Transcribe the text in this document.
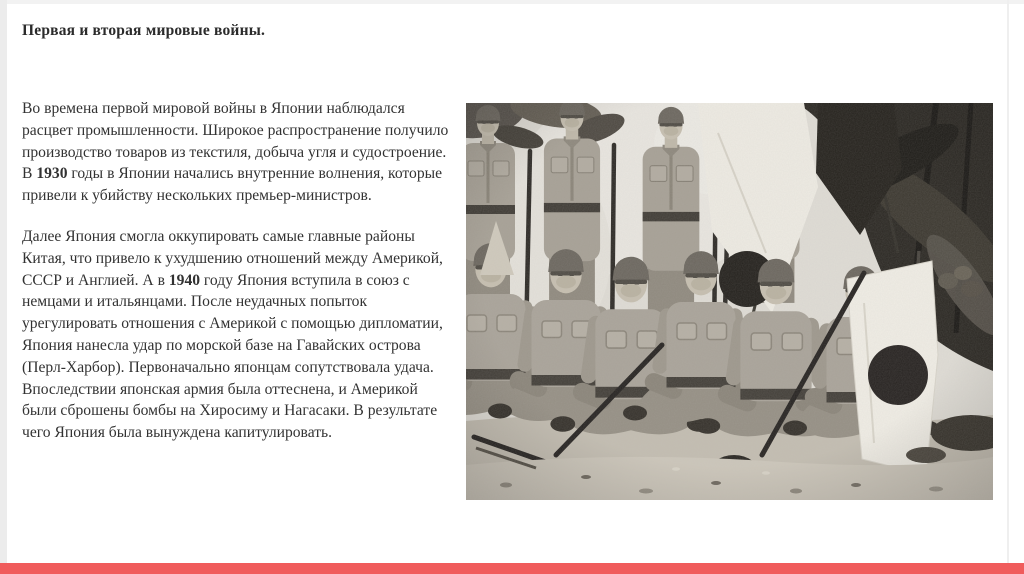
Первая и вторая мировые войны.

Во времена первой мировой войны в Японии наблюдался расцвет промышленности. Широкое распространение получило производство товаров из текстиля, добыча угля и судостроение. В 1930 годы в Японии начались внутренние волнения, которые привели к убийству нескольких премьер-министров.

Далее Япония смогла оккупировать самые главные районы Китая, что привело к ухудшению отношений между Америкой, СССР и Англией. А в 1940 году Япония вступила в союз с немцами и итальянцами. После неудачных попыток урегулировать отношения с Америкой с помощью дипломатии, Япония нанесла удар по морской базе на Гавайских острова (Перл-Харбор). Первоначально японцам сопутствовала удача. Впоследствии японская армия была оттеснена, и Америкой были сброшены бомбы на Хиросиму и Нагасаки. В результате чего Япония была вынуждена капитулировать.
